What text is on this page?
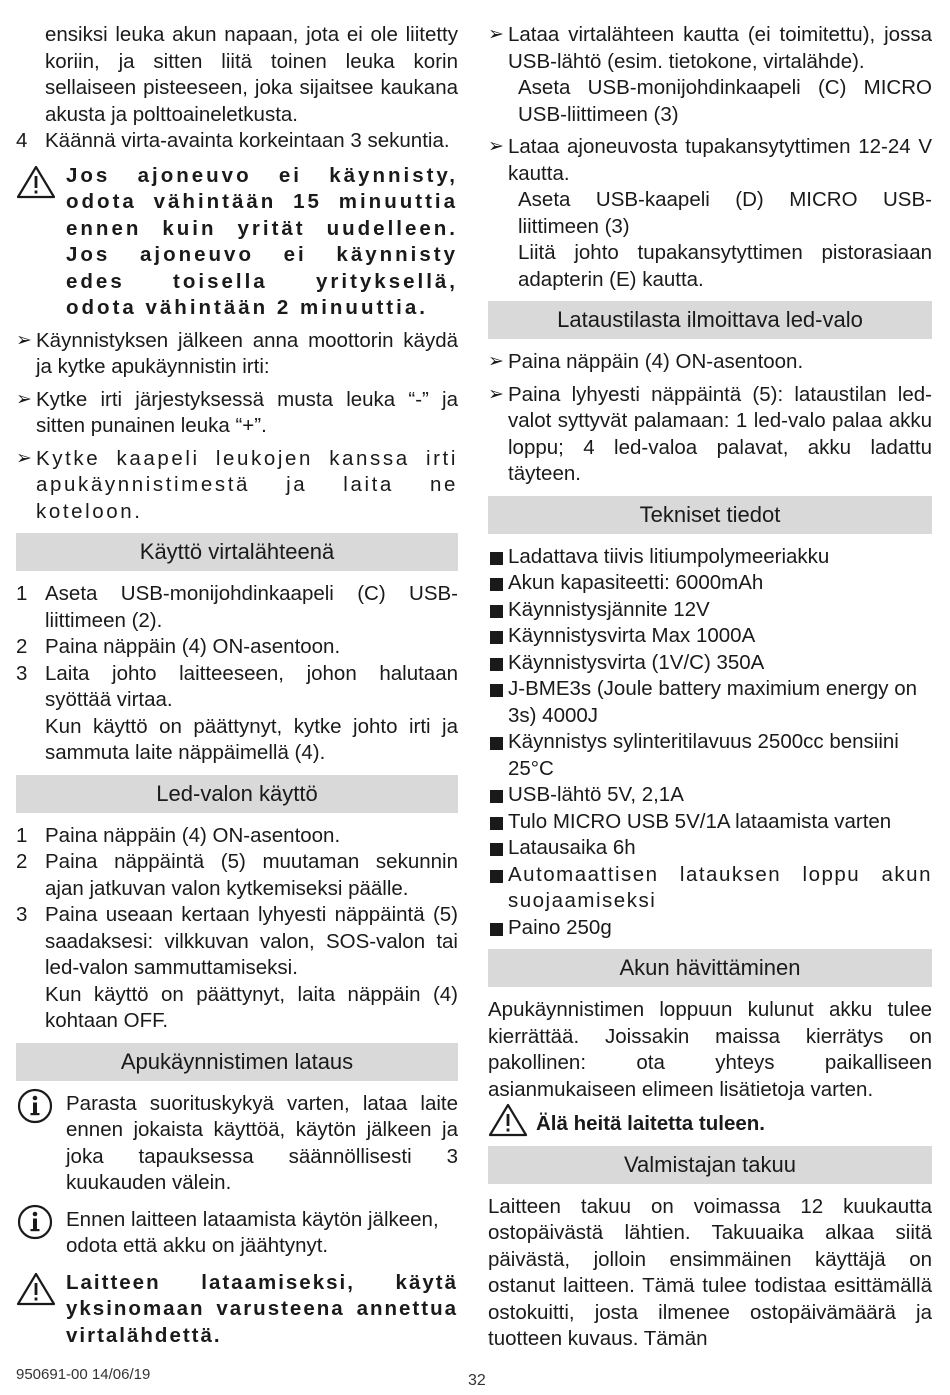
ensiksi leuka akun napaan, jota ei ole liitetty koriin, ja sitten liitä toinen leuka korin sellaiseen pisteeseen, joka sijaitsee kaukana akusta ja polttoaineletkusta.

4 Käännä virta-avainta korkeintaan 3 sekuntia.

Jos ajoneuvo ei käynnisty, odota vähintään 15 minuuttia ennen kuin yrität uudelleen. Jos ajoneuvo ei käynnisty edes toisella yrityksellä, odota vähintään 2 minuuttia.

➢ Käynnistyksen jälkeen anna moottorin käydä ja kytke apukäynnistin irti:
➢ Kytke irti järjestyksessä musta leuka “-” ja sitten punainen leuka “+”.
➢ Kytke kaapeli leukojen kanssa irti apukäynnistimestä ja laita ne koteloon.
Käyttö virtalähteenä
1 Aseta USB-monijohdinkaapeli (C) USB-liittimeen (2).

2 Paina näppäin (4) ON-asentoon.

3 Laita johto laitteeseen, johon halutaan syöttää virtaa.

Kun käyttö on päättynyt, kytke johto irti ja sammuta laite näppäimellä (4).

Led-valon käyttö
1 Paina näppäin (4) ON-asentoon.

2 Paina näppäintä (5) muutaman sekunnin ajan jatkuvan valon kytkemiseksi päälle.

3 Paina useaan kertaan lyhyesti näppäintä (5) saadaksesi: vilkkuvan valon, SOS-valon tai led-valon sammuttamiseksi.

Kun käyttö on päättynyt, laita näppäin (4) kohtaan OFF.

Apukäynnistimen lataus

Parasta suorituskykyä varten, lataa laite ennen jokaista käyttöä, käytön jälkeen ja joka tapauksessa säännöllisesti 3 kuukauden välein.

Ennen laitteen lataamista käytön jälkeen, odota että akku on jäähtynyt.

Laitteen lataamiseksi, käytä yksinomaan varusteena annettua virtalähdettä.

➢ Lataa virtalähteen kautta (ei toimitettu), jossa USB-lähtö (esim. tietokone, virtalähde).

Aseta USB-monijohdinkaapeli (C) MICRO USB-liittimeen (3)

➢ Lataa ajoneuvosta tupakansytyttimen 12-24 V kautta.

Aseta USB-kaapeli (D) MICRO USB-liittimeen (3)

Liitä johto tupakansytyttimen pistorasiaan adapterin (E) kautta.

Lataustilasta ilmoittava led-valo
➢ Paina näppäin (4) ON-asentoon.
➢ Paina lyhyesti näppäintä (5): lataustilan led-valot syttyvät palamaan: 1 led-valo palaa akku loppu; 4 led-valoa palavat, akku ladattu täyteen.
Tekniset tiedot
Ladattava tiivis litiumpolymeeriakku
Akun kapasiteetti: 6000mAh
Käynnistysjännite 12V
Käynnistysvirta Max 1000A
Käynnistysvirta (1V/C) 350A
J-BME3s (Joule battery maximium energy on 3s) 4000J
Käynnistys sylinteritilavuus 2500cc bensiini 25°C
USB-lähtö 5V, 2,1A
Tulo MICRO USB 5V/1A lataamista varten
Latausaika 6h
Automaattisen latauksen loppu akun suojaamiseksi
Paino 250g
Akun hävittäminen

Apukäynnistimen loppuun kulunut akku tulee kierrättää. Joissakin maissa kierrätys on pakollinen: ota yhteys paikalliseen asianmukaiseen elimeen lisätietoja varten.

Älä heitä laitetta tuleen.

Valmistajan takuu

Laitteen takuu on voimassa 12 kuukautta ostopäivästä lähtien. Takuuaika alkaa siitä päivästä, jolloin ensimmäinen käyttäjä on ostanut laitteen. Tämä tulee todistaa esittämällä ostokuitti, josta ilmenee ostopäivämäärä ja tuotteen kuvaus. Tämän

950691-00 14/06/19	32
